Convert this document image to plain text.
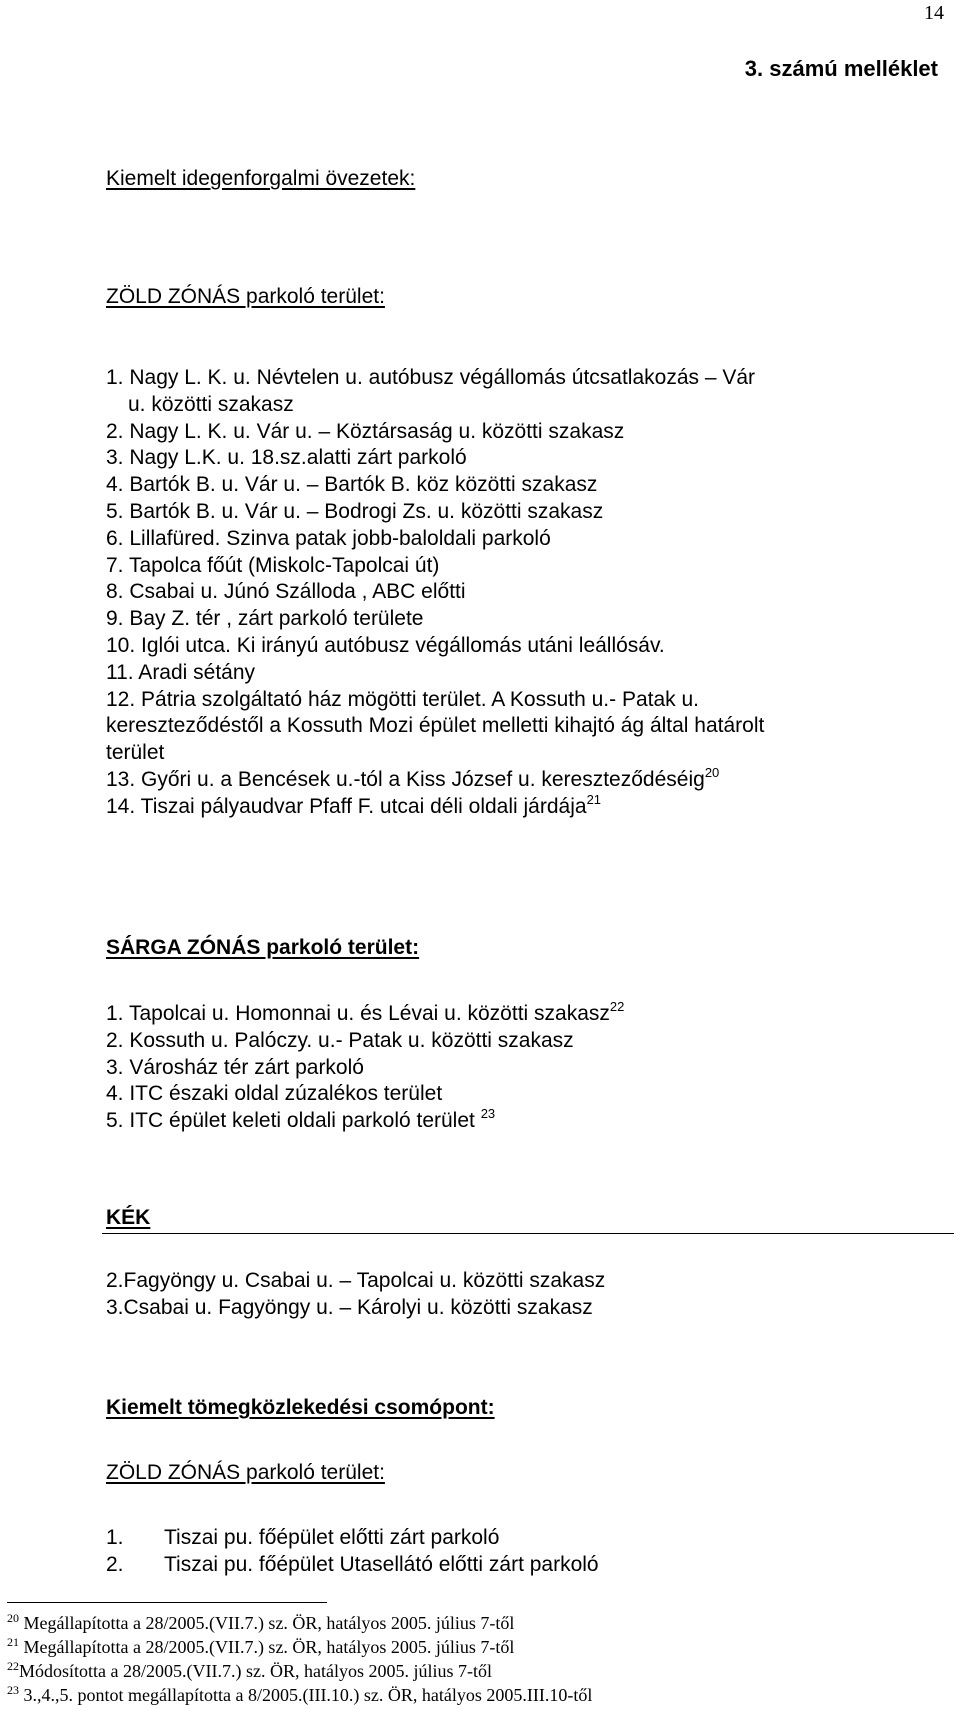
14
3. számú melléklet
Kiemelt idegenforgalmi övezetek:
ZÖLD ZÓNÁS parkoló terület:
1. Nagy L. K. u. Névtelen u. autóbusz végállomás útcsatlakozás – Vár
u. közötti szakasz
2. Nagy L. K. u. Vár u. – Köztársaság u. közötti szakasz
3. Nagy L.K. u. 18.sz.alatti zárt parkoló
4. Bartók B. u. Vár u. – Bartók B. köz közötti szakasz
5. Bartók B. u. Vár u. – Bodrogi Zs. u. közötti szakasz
6. Lillafüred. Szinva patak jobb-baloldali parkoló
7. Tapolca főút (Miskolc-Tapolcai út)
8. Csabai u. Júnó Szálloda , ABC előtti
9. Bay Z. tér , zárt parkoló területe
10. Iglói utca. Ki irányú autóbusz végállomás utáni leállósáv.
11. Aradi sétány
12. Pátria szolgáltató ház mögötti terület. A Kossuth u.- Patak u.
kereszteződéstől a Kossuth Mozi épület melletti kihajtó ág által határolt
terület
13. Győri u. a Bencések u.-tól a Kiss József u. kereszteződéséig$^{20}$
14. Tiszai pályaudvar Pfaff F. utcai déli oldali járdája$^{21}$
SÁRGA ZÓNÁS parkoló terület:
1. Tapolcai u. Homonnai u. és Lévai u. közötti szakasz$^{22}$
2. Kossuth u. Palóczy. u.- Patak u. közötti szakasz
3. Városház tér zárt parkoló
4. ITC északi oldal zúzalékos terület
5. ITC épület keleti oldali parkoló terület $^{23}$
KÉK
2.Fagyöngy u. Csabai u. – Tapolcai u. közötti szakasz
3.Csabai u. Fagyöngy u. – Károlyi u. közötti szakasz
Kiemelt tömegközlekedési csomópont:
ZÖLD ZÓNÁS parkoló terület:
1. Tiszai pu. főépület előtti zárt parkoló
2. Tiszai pu. főépület Utasellátó előtti zárt parkoló
$^{20}$ Megállapította a 28/2005.(VII.7.) sz. ÖR, hatályos 2005. július 7-től
$^{21}$ Megállapította a 28/2005.(VII.7.) sz. ÖR, hatályos 2005. július 7-től
$^{22}$Módosította a 28/2005.(VII.7.) sz. ÖR, hatályos 2005. július 7-től
$^{23}$ 3.,4.,5. pontot megállapította a 8/2005.(III.10.) sz. ÖR, hatályos 2005.III.10-től
